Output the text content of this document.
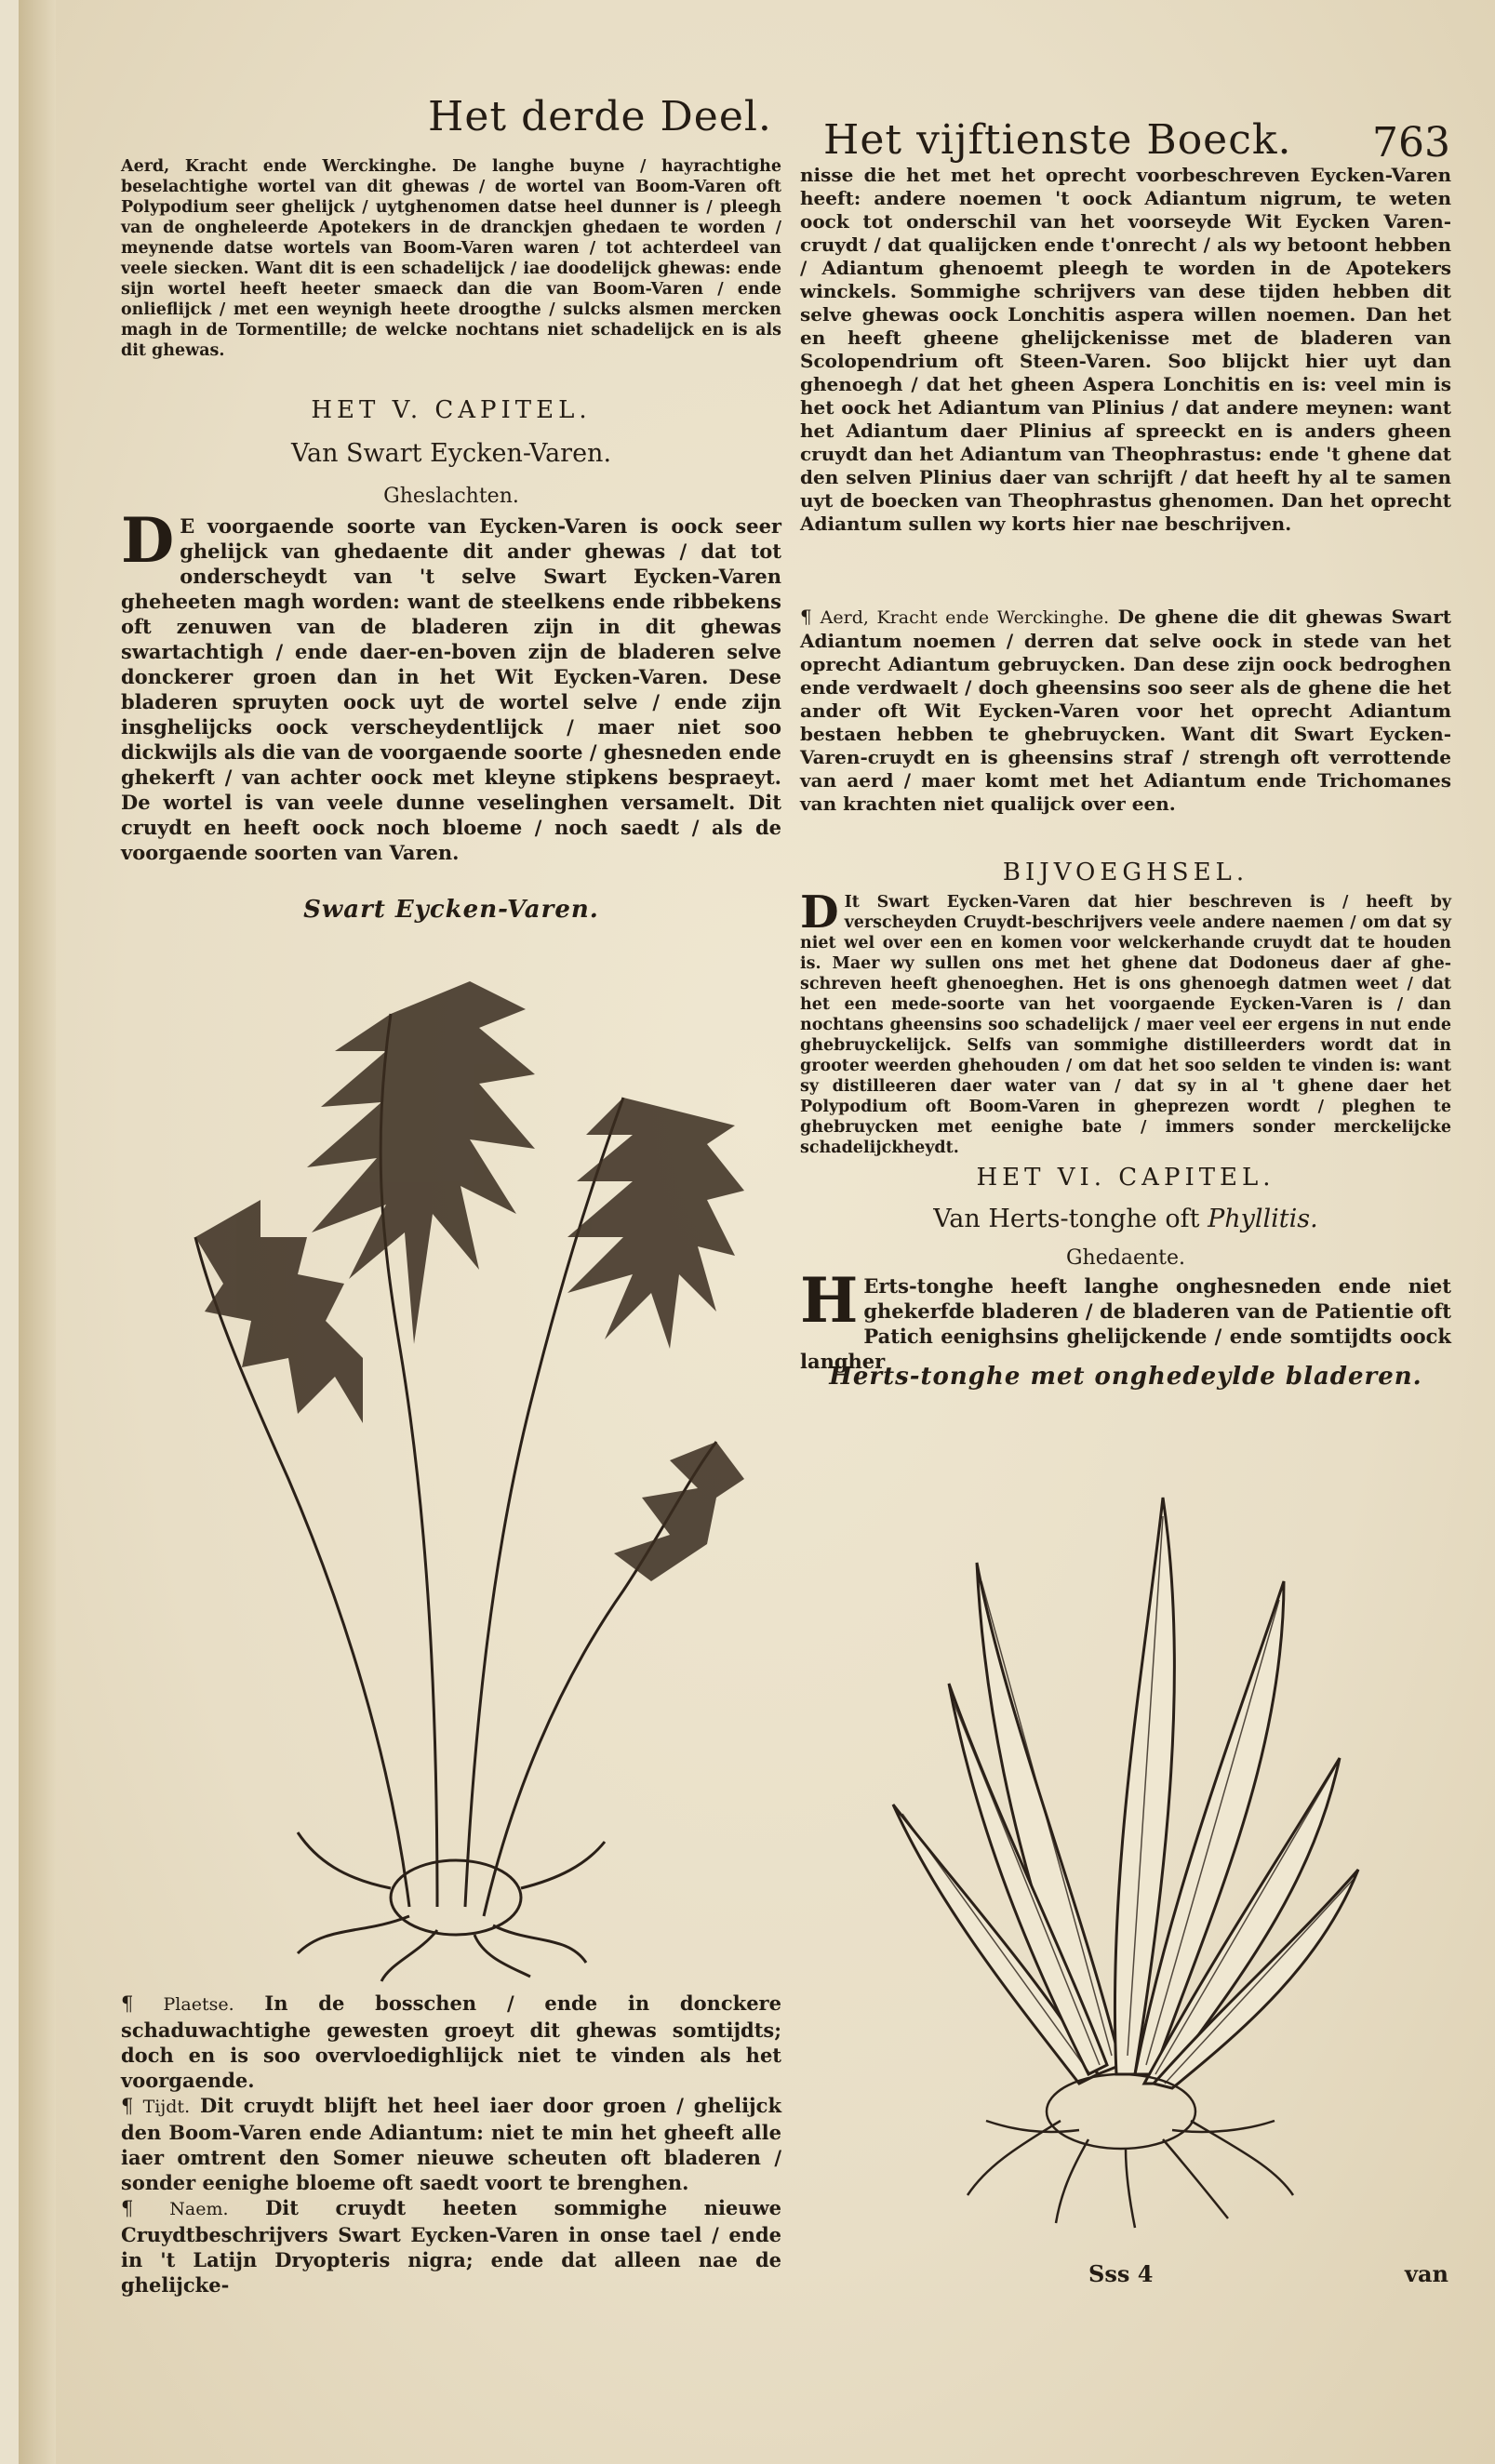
Het derde Deel. Het vijftienste Boeck. 763

Aerd, Kracht ende Werckinghe. De langhe buyne / hayrachtighe beselachtighe wortel van dit ghewas / de wortel van Boom-Varen oft Polypodium seer ghelijck / uytghenomen datse heel dunner is / pleegh van de ongheleerde Apotekers in de dranckjen ghedaen te worden / meynende datse wortels van Boom-Varen waren / tot achterdeel van veele siecken. Want dit is een schadelijck / iae doodelijck ghewas: ende sijn wortel heeft heeter smaeck dan die van Boom-Varen / ende onlieflijck / met een weynigh heete droogthe / sulcks alsmen mercken magh in de Tormentille; de welcke nochtans niet schadelijck en is als dit ghewas.

HET V. CAPITEL.
Van Swart Eycken-Varen.
Gheslachten.
D E voorgaende soorte van Eycken-Varen is oock seer ghelijck van ghedaente dit ander ghewas / dat tot onderscheydt van 't selve Swart Eycken-Varen gheheeten magh worden: want de steelkens ende ribbekens oft zenuwen van de bladeren zijn in dit ghewas swartachtigh / ende daer-en-boven zijn de bladeren selve donckerer groen dan in het Wit Eycken-Varen. Dese bladeren spruyten oock uyt de wortel selve / ende zijn insghelijcks oock verscheydentlijck / maer niet soo dickwijls als die van de voorgaende soorte / ghesneden ende ghekerft / van achter oock met kleyne stipkens bespraeyt. De wortel is van veele dunne veselinghen versamelt. Dit cruydt en heeft oock noch bloeme / noch saedt / als de voorgaende soorten van Varen.

Swart Eycken-Varen.

¶ Plaetse. In de bosschen / ende in donckere schaduwachtighe gewesten groeyt dit ghewas somtijdts; doch en is soo overvloedighlijck niet te vinden als het voorgaende.

¶ Tijdt. Dit cruydt blijft het heel iaer door groen / ghelijck den Boom-Varen ende Adiantum: niet te min het gheeft alle iaer omtrent den Somer nieuwe scheuten oft bladeren / sonder eenighe bloeme oft saedt voort te brenghen.

¶ Naem. Dit cruydt heeten sommighe nieuwe Cruydtbeschrijvers Swart Eycken-Varen in onse tael / ende in 't Latijn Dryopteris nigra; ende dat alleen nae de ghelijcke-

nisse die het met het oprecht voorbeschreven Eycken-Varen heeft: andere noemen 't oock Adiantum nigrum, te weten oock tot onderschil van het voorseyde Wit Eycken Varen-cruydt / dat qualijcken ende t'onrecht / als wy betoont hebben / Adiantum ghenoemt pleegh te worden in de Apotekers winckels. Sommighe schrijvers van dese tijden hebben dit selve ghewas oock Lonchitis aspera willen noemen. Dan het en heeft gheene ghelijckenisse met de bladeren van Scolopendrium oft Steen-Varen. Soo blijckt hier uyt dan ghenoegh / dat het gheen Aspera Lonchitis en is: veel min is het oock het Adiantum van Plinius / dat andere meynen: want het Adiantum daer Plinius af spreeckt en is anders gheen cruydt dan het Adiantum van Theophrastus: ende 't ghene dat den selven Plinius daer van schrijft / dat heeft hy al te samen uyt de boecken van Theophrastus ghenomen. Dan het oprecht Adiantum sullen wy korts hier nae beschrijven.

¶ Aerd, Kracht ende Werckinghe. De ghene die dit ghewas Swart Adiantum noemen / derren dat selve oock in stede van het oprecht Adiantum gebruycken. Dan dese zijn oock bedroghen ende verdwaelt / doch gheensins soo seer als de ghene die het ander oft Wit Eycken-Varen voor het oprecht Adiantum bestaen hebben te ghebruycken. Want dit Swart Eycken-Varen-cruydt en is gheensins straf / strengh oft verrottende van aerd / maer komt met het Adiantum ende Trichomanes van krachten niet qualijck over een.

BIJVOEGHSEL.
D It Swart Eycken-Varen dat hier beschreven is / heeft by verscheyden Cruydt-beschrijvers veele andere naemen / om dat sy niet wel over een en komen voor welckerhande cruydt dat te houden is. Maer wy sullen ons met het ghene dat Dodoneus daer af ghe-schreven heeft ghenoeghen. Het is ons ghenoegh datmen weet / dat het een mede-soorte van het voorgaende Eycken-Varen is / dan nochtans gheensins soo schadelijck / maer veel eer ergens in nut ende ghebruyckelijck. Selfs van sommighe distilleerders wordt dat in grooter weerden ghehouden / om dat het soo selden te vinden is: want sy distilleeren daer water van / dat sy in al 't ghene daer het Polypodium oft Boom-Varen in gheprezen wordt / pleghen te ghebruycken met eenighe bate / immers sonder merckelijcke schadelijckheydt.

HET VI. CAPITEL.
Van Herts-tonghe oft Phyllitis.
Ghedaente.
H Erts-tonghe heeft langhe onghesneden ende niet ghekerfde bladeren / de bladeren van de Patientie oft Patich eenighsins ghelijckende / ende somtijdts oock langher

Herts-tonghe met onghedeylde bladeren.
Sss 4	van
